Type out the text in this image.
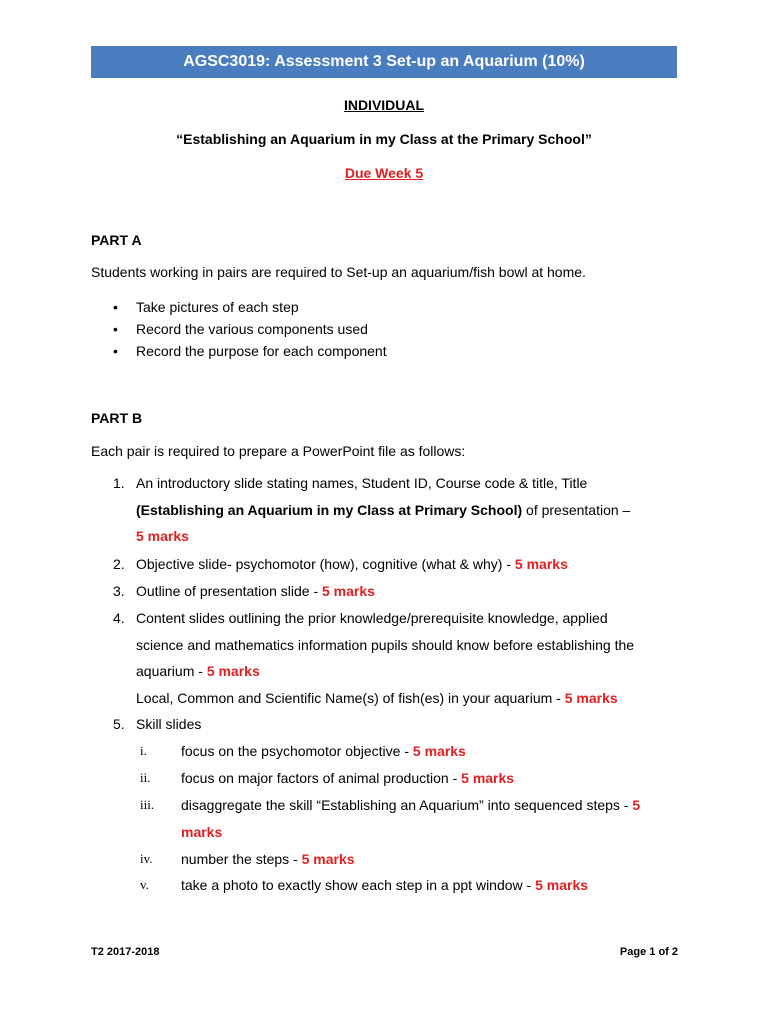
AGSC3019: Assessment 3 Set-up an Aquarium (10%)
INDIVIDUAL
“Establishing an Aquarium in my Class at the Primary School”
Due Week 5
PART A
Students working in pairs are required to Set-up an aquarium/fish bowl at home.
• Take pictures of each step
• Record the various components used
• Record the purpose for each component
PART B
Each pair is required to prepare a PowerPoint file as follows:
1. An introductory slide stating names, Student ID, Course code & title, Title
(Establishing an Aquarium in my Class at Primary School) of presentation –
5 marks
2. Objective slide- psychomotor (how), cognitive (what & why) - 5 marks
3. Outline of presentation slide - 5 marks
4. Content slides outlining the prior knowledge/prerequisite knowledge, applied
science and mathematics information pupils should know before establishing the
aquarium - 5 marks
Local, Common and Scientific Name(s) of fish(es) in your aquarium - 5 marks
5. Skill slides
i.	focus on the psychomotor objective - 5 marks
ii.	focus on major factors of animal production - 5 marks
iii.	disaggregate the skill “Establishing an Aquarium” into sequenced steps - 5
marks
iv.	number the steps - 5 marks
v.	take a photo to exactly show each step in a ppt window - 5 marks
T2 2017-2018	Page 1 of 2
